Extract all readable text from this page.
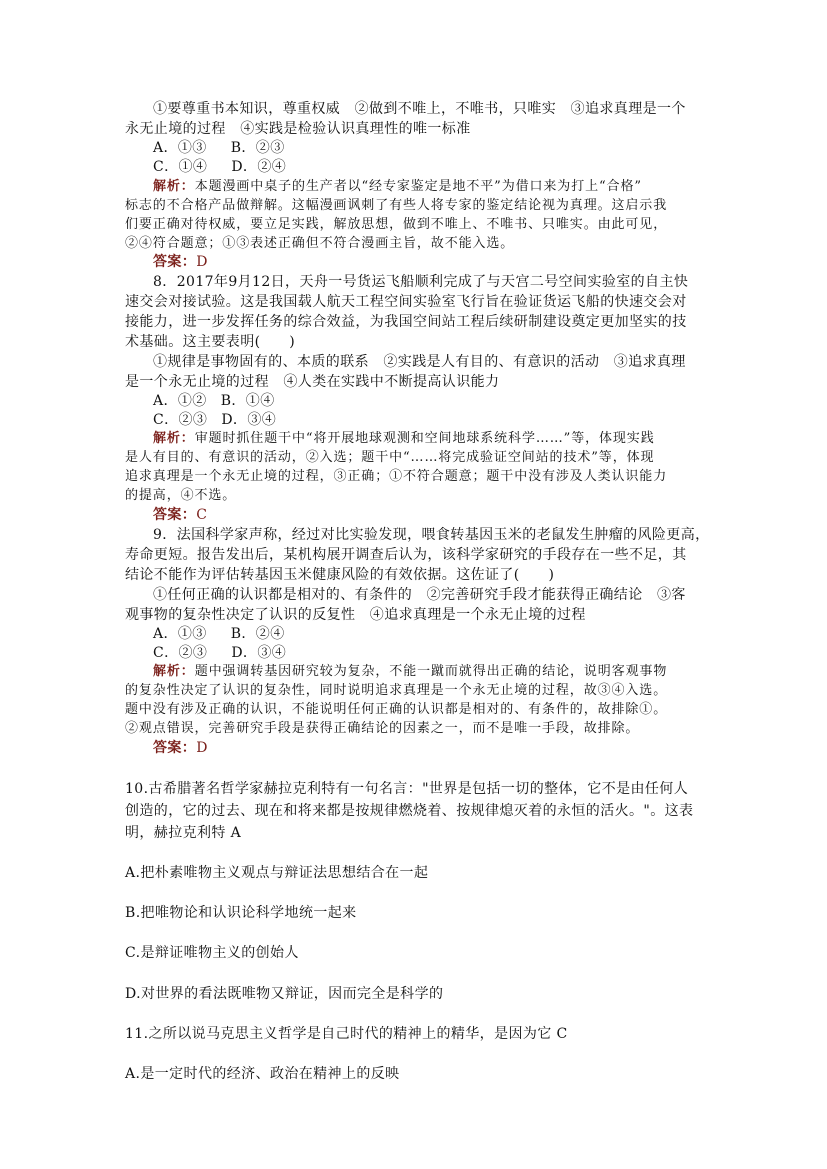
①要尊重书本知识，尊重权威　②做到不唯上，不唯书，只唯实　③追求真理是一个

永无止境的过程　④实践是检验认识真理性的唯一标准

A．①③ B．②③

C．①④ D．②④

解析：本题漫画中桌子的生产者以“经专家鉴定是地不平”为借口来为打上“合格”

标志的不合格产品做辩解。这幅漫画讽刺了有些人将专家的鉴定结论视为真理。这启示我

们要正确对待权威，要立足实践，解放思想，做到不唯上、不唯书、只唯实。由此可见，

②④符合题意；①③表述正确但不符合漫画主旨，故不能入选。

答案：D

8．2017年9月12日，天舟一号货运飞船顺利完成了与天宫二号空间实验室的自主快

速交会对接试验。这是我国载人航天工程空间实验室飞行旨在验证货运飞船的快速交会对

接能力，进一步发挥任务的综合效益，为我国空间站工程后续研制建设奠定更加坚实的技

术基础。这主要表明(　　)

①规律是事物固有的、本质的联系　②实践是人有目的、有意识的活动　③追求真理

是一个永无止境的过程　④人类在实践中不断提高认识能力

A．①② B．①④

C．②③ D．③④

解析：审题时抓住题干中“将开展地球观测和空间地球系统科学……”等，体现实践

是人有目的、有意识的活动，②入选；题干中“……将完成验证空间站的技术”等，体现

追求真理是一个永无止境的过程，③正确；①不符合题意；题干中没有涉及人类认识能力

的提高，④不选。

答案：C

9．法国科学家声称，经过对比实验发现，喂食转基因玉米的老鼠发生肿瘤的风险更高，

寿命更短。报告发出后，某机构展开调查后认为，该科学家研究的手段存在一些不足，其

结论不能作为评估转基因玉米健康风险的有效依据。这佐证了(　　)

①任何正确的认识都是相对的、有条件的　②完善研究手段才能获得正确结论　③客

观事物的复杂性决定了认识的反复性　④追求真理是一个永无止境的过程

A．①③ B．②④

C．②③ D．③④

解析：题中强调转基因研究较为复杂，不能一蹴而就得出正确的结论，说明客观事物

的复杂性决定了认识的复杂性，同时说明追求真理是一个永无止境的过程，故③④入选。

题中没有涉及正确的认识，不能说明任何正确的认识都是相对的、有条件的，故排除①。

②观点错误，完善研究手段是获得正确结论的因素之一，而不是唯一手段，故排除。

答案：D

10.古希腊著名哲学家赫拉克利特有一句名言："世界是包括一切的整体，它不是由任何人

创造的，它的过去、现在和将来都是按规律燃烧着、按规律熄灭着的永恒的活火。"。这表

明，赫拉克利特 A

A.把朴素唯物主义观点与辩证法思想结合在一起

B.把唯物论和认识论科学地统一起来

C.是辩证唯物主义的创始人

D.对世界的看法既唯物又辩证，因而完全是科学的

11.之所以说马克思主义哲学是自己时代的精神上的精华，是因为它 C

A.是一定时代的经济、政治在精神上的反映
